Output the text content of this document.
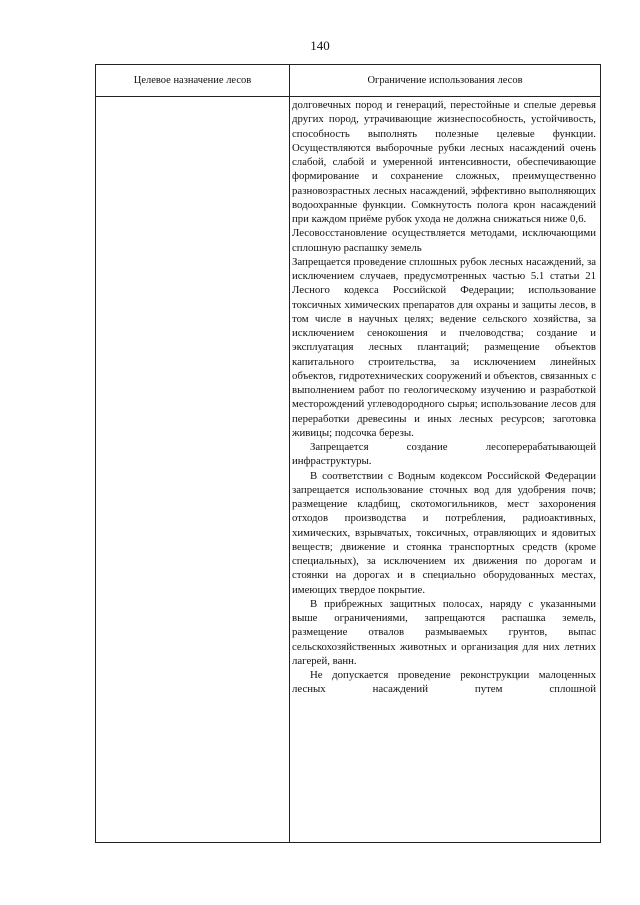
140
Целевое назначение лесов	Ограничение использования лесов

долговечных пород и генераций, перестойные и спелые деревья других пород, утрачивающие жизнеспособность, устойчивость, способность выполнять полезные целевые функции. Осуществляются выборочные рубки лесных насаждений очень слабой, слабой и умеренной интенсивности, обеспечивающие формирование и сохранение сложных, преимущественно разновозрастных лесных насаждений, эффективно выполняющих водоохранные функции. Сомкнутость полога крон насаждений при каждом приёме рубок ухода не должна снижаться ниже 0,6.

Лесовосстановление осуществляется методами, исключающими сплошную распашку земель

Запрещается проведение сплошных рубок лесных насаждений, за исключением случаев, предусмотренных частью 5.1 статьи 21 Лесного кодекса Российской Федерации; использование токсичных химических препаратов для охраны и защиты лесов, в том числе в научных целях; ведение сельского хозяйства, за исключением сенокошения и пчеловодства; создание и эксплуатация лесных плантаций; размещение объектов капитального строительства, за исключением линейных объектов, гидротехнических сооружений и объектов, связанных с выполнением работ по геологическому изучению и разработкой месторождений углеводородного сырья; использование лесов для переработки древесины и иных лесных ресурсов; заготовка живицы; подсочка березы.

Запрещается создание лесоперерабатывающей инфраструктуры.

В соответствии с Водным кодексом Российской Федерации запрещается использование сточных вод для удобрения почв; размещение кладбищ, скотомогильников, мест захоронения отходов производства и потребления, радиоактивных, химических, взрывчатых, токсичных, отравляющих и ядовитых веществ; движение и стоянка транспортных средств (кроме специальных), за исключением их движения по дорогам и стоянки на дорогах и в специально оборудованных местах, имеющих твердое покрытие.

В прибрежных защитных полосах, наряду с указанными выше ограничениями, запрещаются распашка земель, размещение отвалов размываемых грунтов, выпас сельскохозяйственных животных и организация для них летних лагерей, ванн.

Не допускается проведение реконструкции малоценных лесных насаждений путем сплошной
